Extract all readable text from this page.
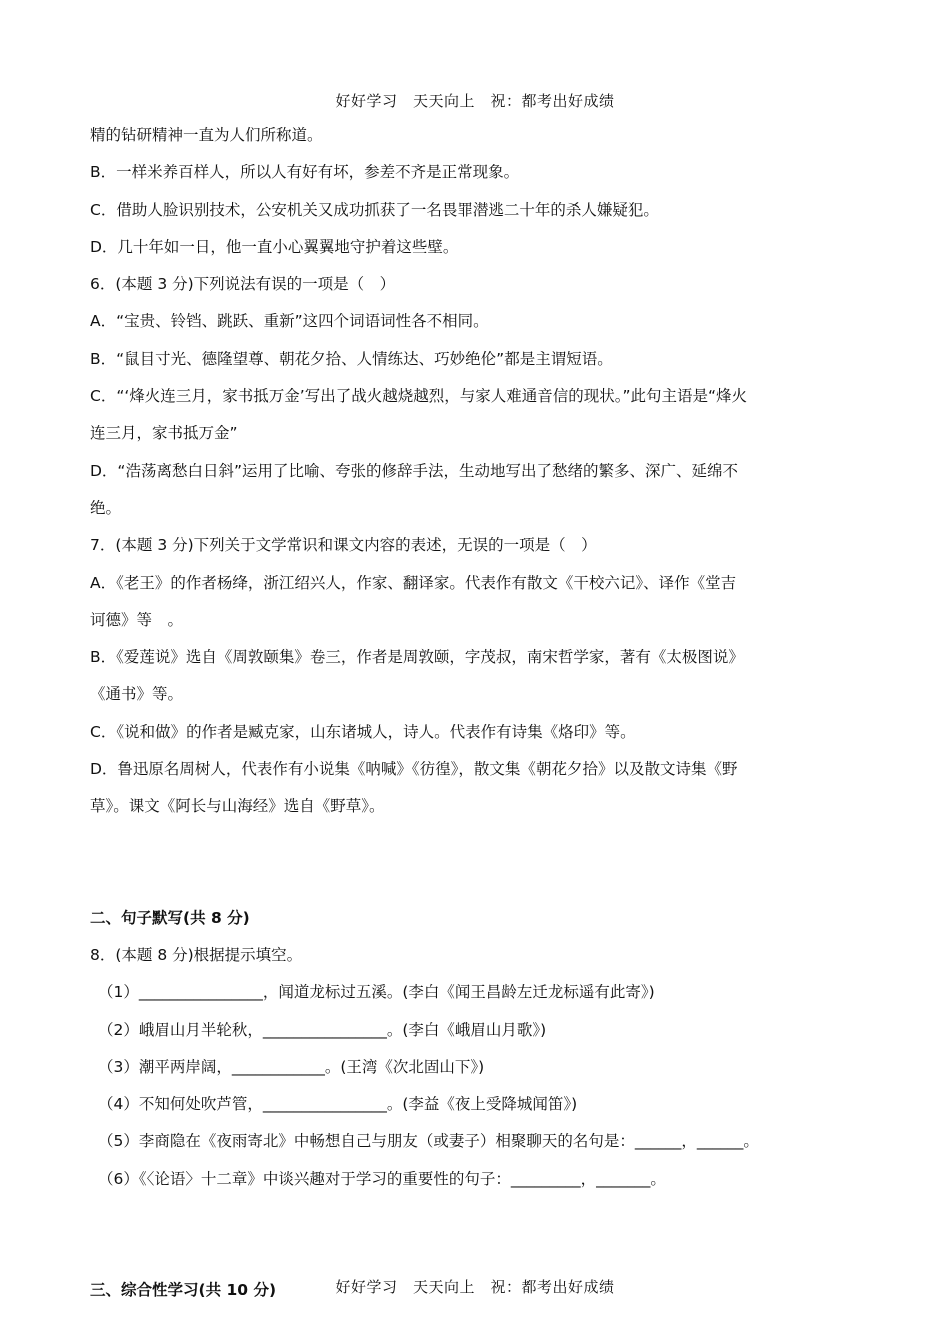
好好学习　天天向上　祝：都考出好成绩
精的钻研精神一直为人们所称道。
B．一样米养百样人，所以人有好有坏，参差不齐是正常现象。
C．借助人脸识别技术，公安机关又成功抓获了一名畏罪潜逃二十年的杀人嫌疑犯。
D．几十年如一日，他一直小心翼翼地守护着这些壁。
6．(本题 3 分)下列说法有误的一项是（　）
A．“宝贵、铃铛、跳跃、重新”这四个词语词性各不相同。
B．“鼠目寸光、德隆望尊、朝花夕拾、人情练达、巧妙绝伦”都是主谓短语。
C．“‘烽火连三月，家书抵万金’写出了战火越烧越烈，与家人难通音信的现状。”此句主语是“烽火
连三月，家书抵万金”
D．“浩荡离愁白日斜”运用了比喻、夸张的修辞手法，生动地写出了愁绪的繁多、深广、延绵不
绝。
7．(本题 3 分)下列关于文学常识和课文内容的表述，无误的一项是（　）
A．《老王》的作者杨绛，浙江绍兴人，作家、翻译家。代表作有散文《干校六记》、译作《堂吉
诃德》等　。
B．《爱莲说》选自《周敦颐集》卷三，作者是周敦颐，字茂叔，南宋哲学家，著有《太极图说》
《通书》等。
C．《说和做》的作者是臧克家，山东诸城人，诗人。代表作有诗集《烙印》等。
D．鲁迅原名周树人，代表作有小说集《呐喊》《彷徨》，散文集《朝花夕拾》以及散文诗集《野
草》。课文《阿长与山海经》选自《野草》。
二、句子默写(共 8 分)
8．(本题 8 分)根据提示填空。
（1）________________，闻道龙标过五溪。(李白《闻王昌龄左迁龙标遥有此寄》)
（2）峨眉山月半轮秋，________________。(李白《峨眉山月歌》)
（3）潮平两岸阔，____________。(王湾《次北固山下》)
（4）不知何处吹芦管，________________。(李益《夜上受降城闻笛》)
（5）李商隐在《夜雨寄北》中畅想自己与朋友（或妻子）相聚聊天的名句是：______，______。
（6）《〈论语〉十二章》中谈兴趣对于学习的重要性的句子：_________，_______。
三、综合性学习(共 10 分)	好好学习　天天向上　祝：都考出好成绩
